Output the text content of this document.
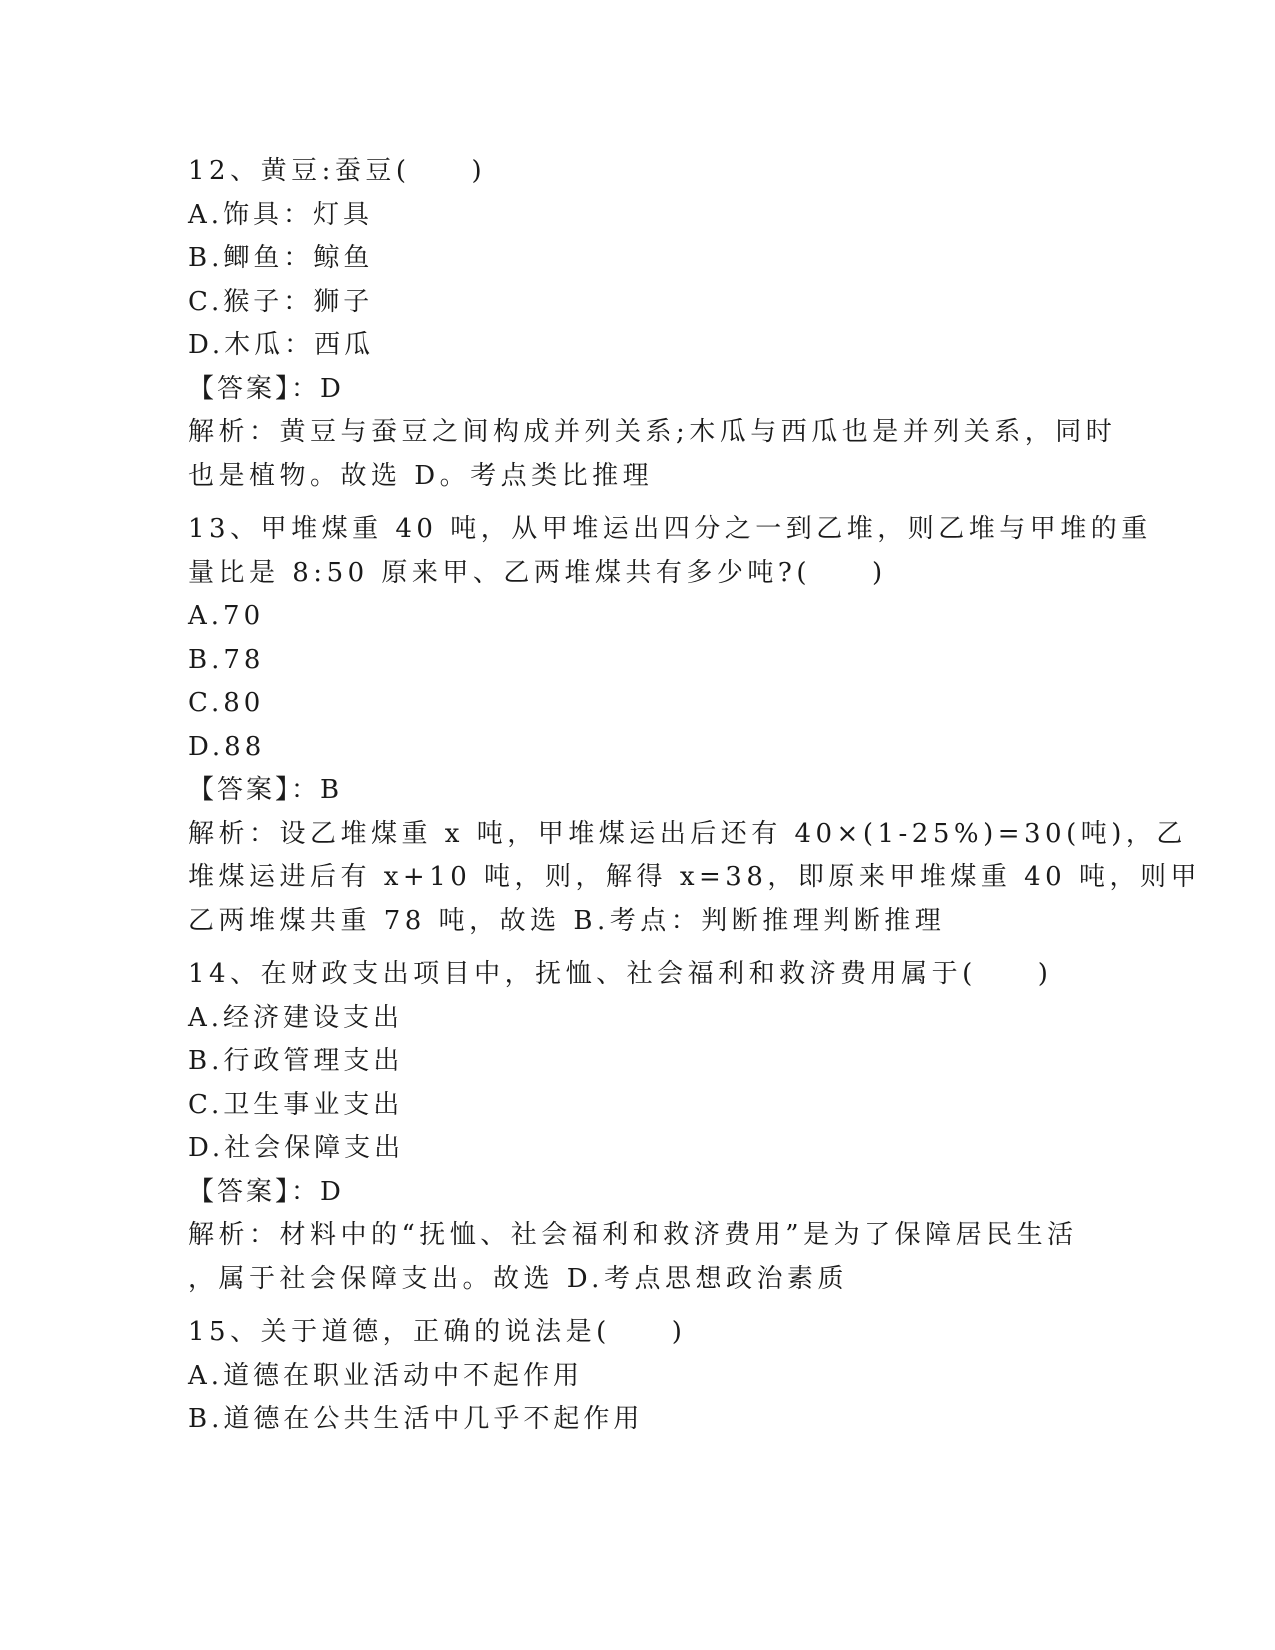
12、黄豆:蚕豆(　　)

A.饰具：灯具

B.鲫鱼：鲸鱼

C.猴子：狮子

D.木瓜：西瓜

【答案】：D

解析：黄豆与蚕豆之间构成并列关系;木瓜与西瓜也是并列关系，同时

也是植物。故选 D。考点类比推理

13、甲堆煤重 40 吨，从甲堆运出四分之一到乙堆，则乙堆与甲堆的重

量比是 8:50 原来甲、乙两堆煤共有多少吨?(　　)

A.70

B.78

C.80

D.88

【答案】：B

解析：设乙堆煤重 x 吨，甲堆煤运出后还有 40×(1-25%)=30(吨)，乙

堆煤运进后有 x+10 吨，则，解得 x=38，即原来甲堆煤重 40 吨，则甲

乙两堆煤共重 78 吨，故选 B.考点：判断推理判断推理

14、在财政支出项目中，抚恤、社会福利和救济费用属于(　　)

A.经济建设支出

B.行政管理支出

C.卫生事业支出

D.社会保障支出

【答案】：D

解析：材料中的“抚恤、社会福利和救济费用”是为了保障居民生活

，属于社会保障支出。故选 D.考点思想政治素质

15、关于道德，正确的说法是(　　)

A.道德在职业活动中不起作用

B.道德在公共生活中几乎不起作用
